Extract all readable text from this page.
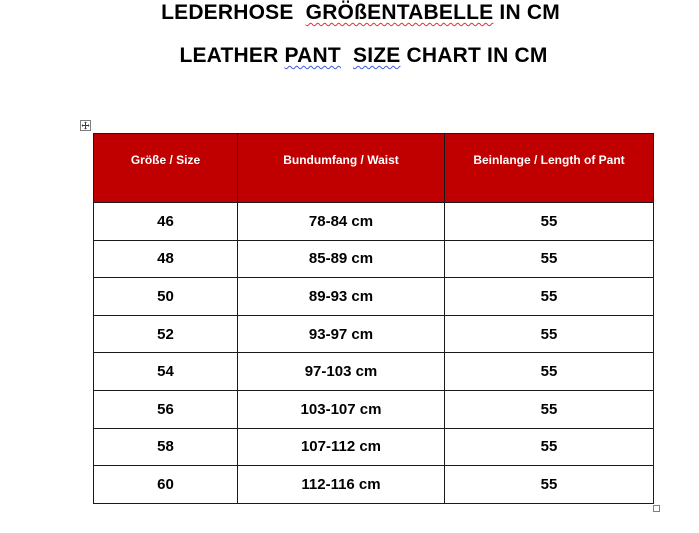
LEDERHOSE GRÖßENTABELLE IN CM
LEATHER PANT SIZE CHART IN CM
Größe / Size	Bundumfang / Waist	Beinlange / Length of Pant
46	78-84 cm	55
48	85-89 cm	55
50	89-93 cm	55
52	93-97 cm	55
54	97-103 cm	55
56	103-107 cm	55
58	107-112 cm	55
60	112-116 cm	55
